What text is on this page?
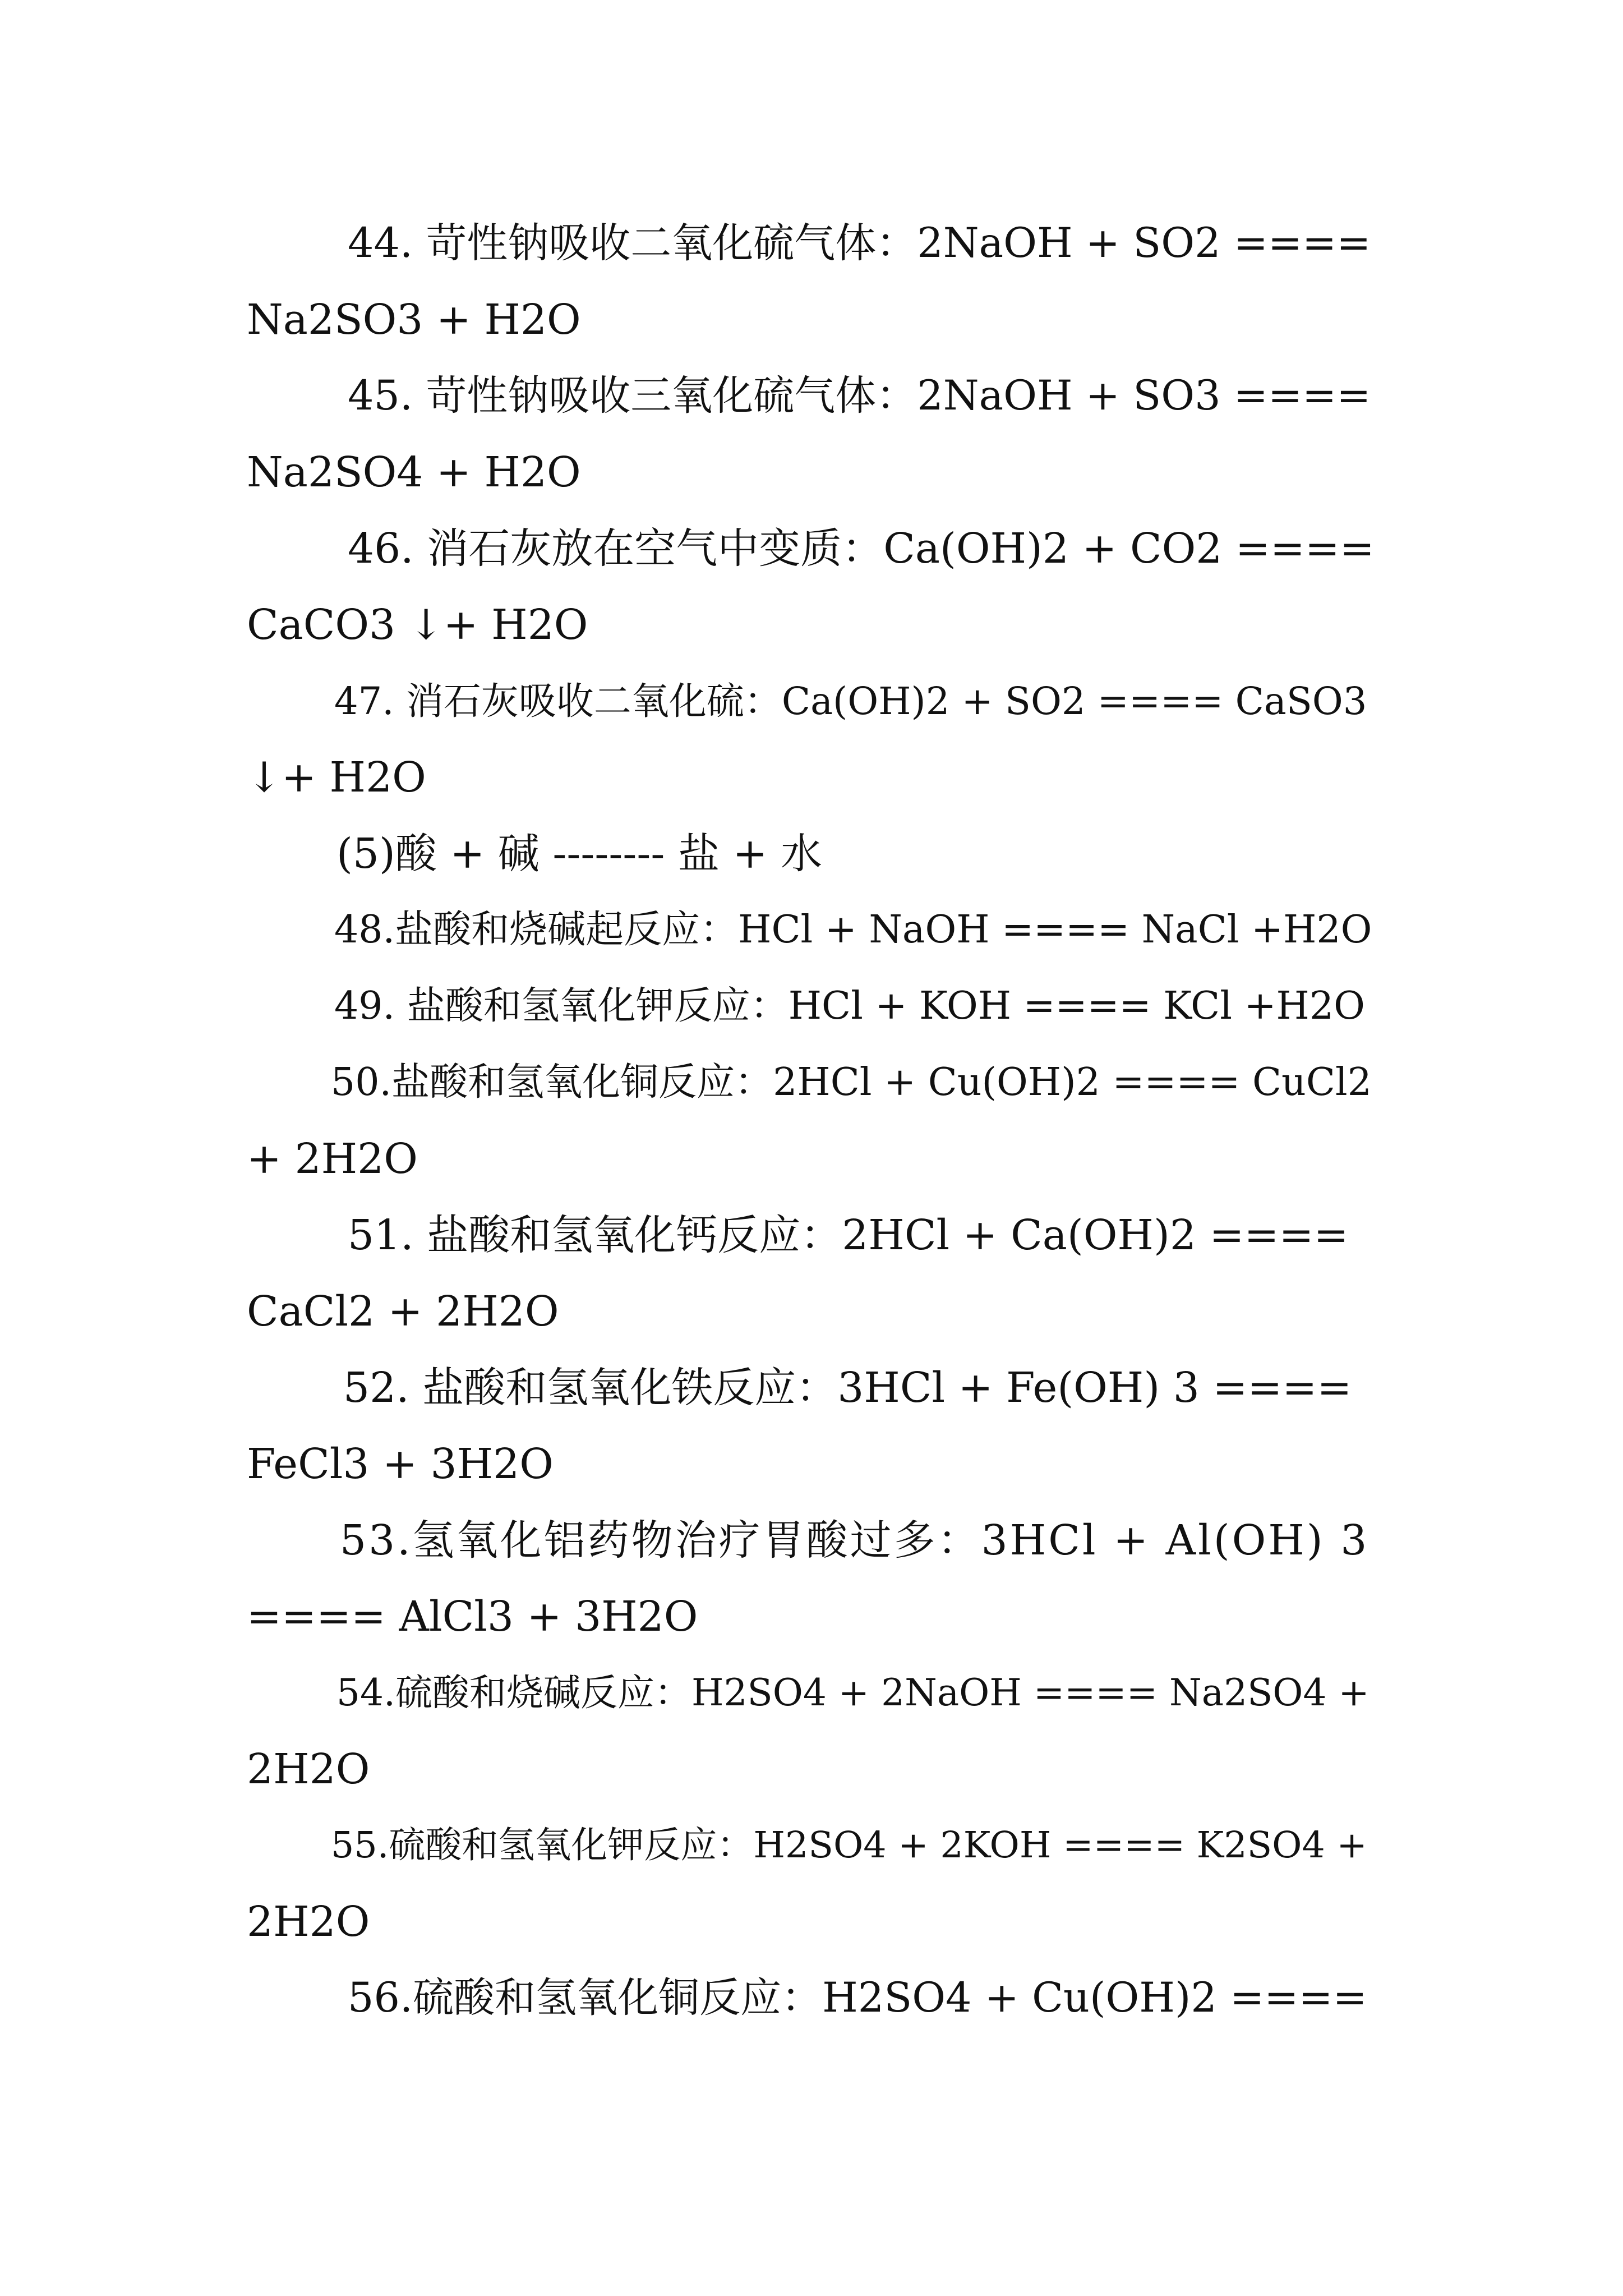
44. 苛性钠吸收二氧化硫气体：2NaOH + SO2 ====
Na2SO3 + H2O
45. 苛性钠吸收三氧化硫气体：2NaOH + SO3 ====
Na2SO4 + H2O
46. 消石灰放在空气中变质：Ca(OH)2 + CO2 ====
CaCO3 ↓+ H2O
47. 消石灰吸收二氧化硫：Ca(OH)2 + SO2 ==== CaSO3
↓+ H2O
(5)酸 + 碱 -------- 盐 + 水
48.盐酸和烧碱起反应：HCl + NaOH ==== NaCl +H2O
49. 盐酸和氢氧化钾反应：HCl + KOH ==== KCl +H2O
50.盐酸和氢氧化铜反应：2HCl + Cu(OH)2 ==== CuCl2
+ 2H2O
51. 盐酸和氢氧化钙反应：2HCl + Ca(OH)2 ====
CaCl2 + 2H2O
52. 盐酸和氢氧化铁反应：3HCl + Fe(OH) 3 ====
FeCl3 + 3H2O
53.氢氧化铝药物治疗胃酸过多：3HCl + Al(OH) 3
==== AlCl3 + 3H2O
54.硫酸和烧碱反应：H2SO4 + 2NaOH ==== Na2SO4 +
2H2O
55.硫酸和氢氧化钾反应：H2SO4 + 2KOH ==== K2SO4 +
2H2O
56.硫酸和氢氧化铜反应：H2SO4 + Cu(OH)2 ====
